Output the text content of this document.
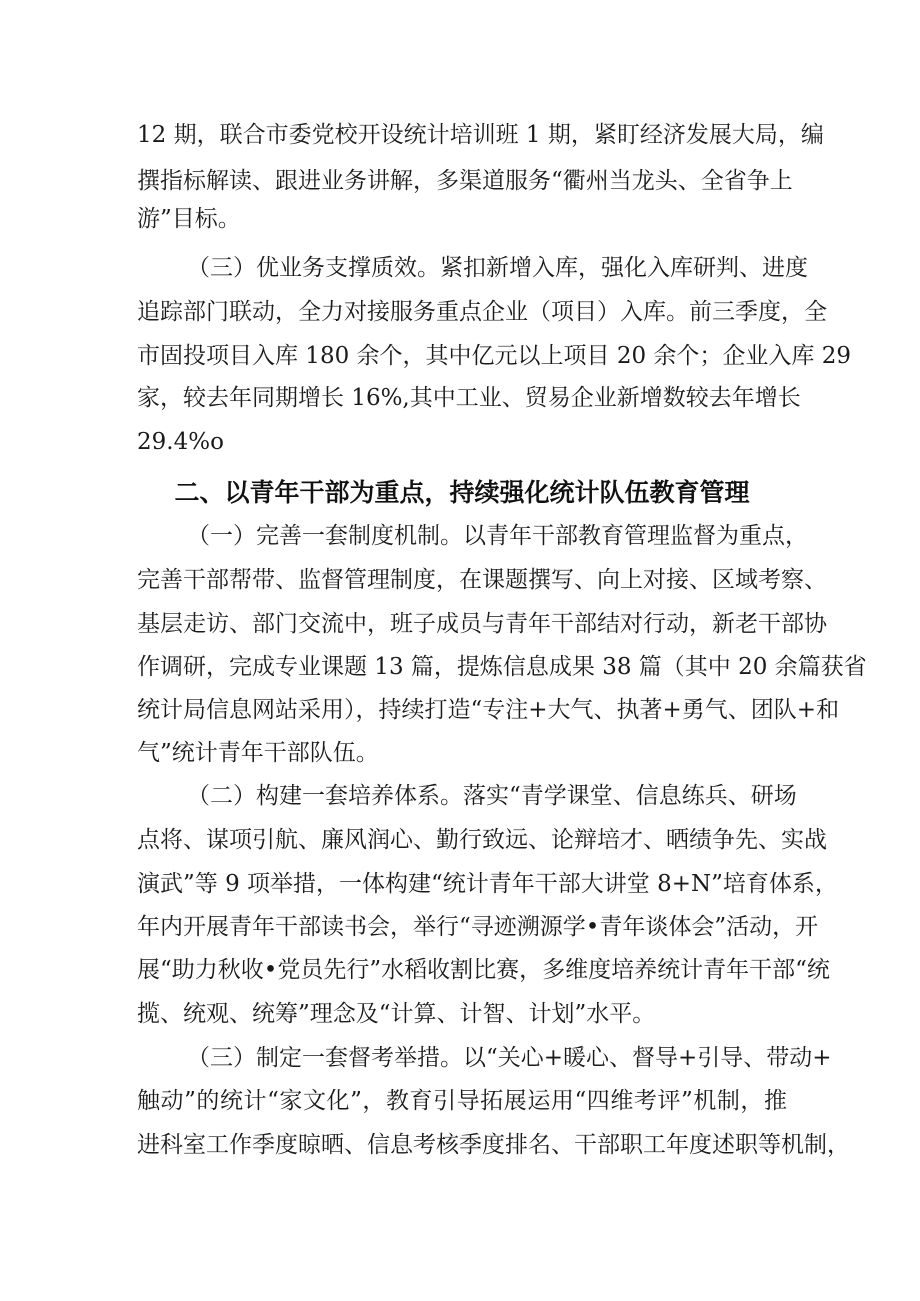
12 期，联合市委党校开设统计培训班 1 期，紧盯经济发展大局，编
撰指标解读、跟进业务讲解，多渠道服务“衢州当龙头、全省争上
游”目标。
（三）优业务支撑质效。紧扣新增入库，强化入库研判、进度
追踪部门联动，全力对接服务重点企业（项目）入库。前三季度，全
市固投项目入库 180 余个，其中亿元以上项目 20 余个；企业入库 29
家，较去年同期增长 16%,其中工业、贸易企业新增数较去年增长
29.4%o
二、以青年干部为重点，持续强化统计队伍教育管理
（一）完善一套制度机制。以青年干部教育管理监督为重点，
完善干部帮带、监督管理制度，在课题撰写、向上对接、区域考察、
基层走访、部门交流中，班子成员与青年干部结对行动，新老干部协
作调研，完成专业课题 13 篇，提炼信息成果 38 篇（其中 20 余篇获省
统计局信息网站采用），持续打造“专注+大气、执著+勇气、团队+和
气”统计青年干部队伍。
（二）构建一套培养体系。落实“青学课堂、信息练兵、研场
点将、谋项引航、廉风润心、勤行致远、论辩培才、晒绩争先、实战
演武”等 9 项举措，一体构建“统计青年干部大讲堂 8+N”培育体系，
年内开展青年干部读书会，举行“寻迹溯源学•青年谈体会”活动，开
展“助力秋收•党员先行”水稻收割比赛，多维度培养统计青年干部“统
揽、统观、统筹”理念及“计算、计智、计划”水平。
（三）制定一套督考举措。以“关心+暖心、督导+引导、带动+
触动”的统计“家文化”，教育引导拓展运用“四维考评”机制，推
进科室工作季度晾晒、信息考核季度排名、干部职工年度述职等机制，
